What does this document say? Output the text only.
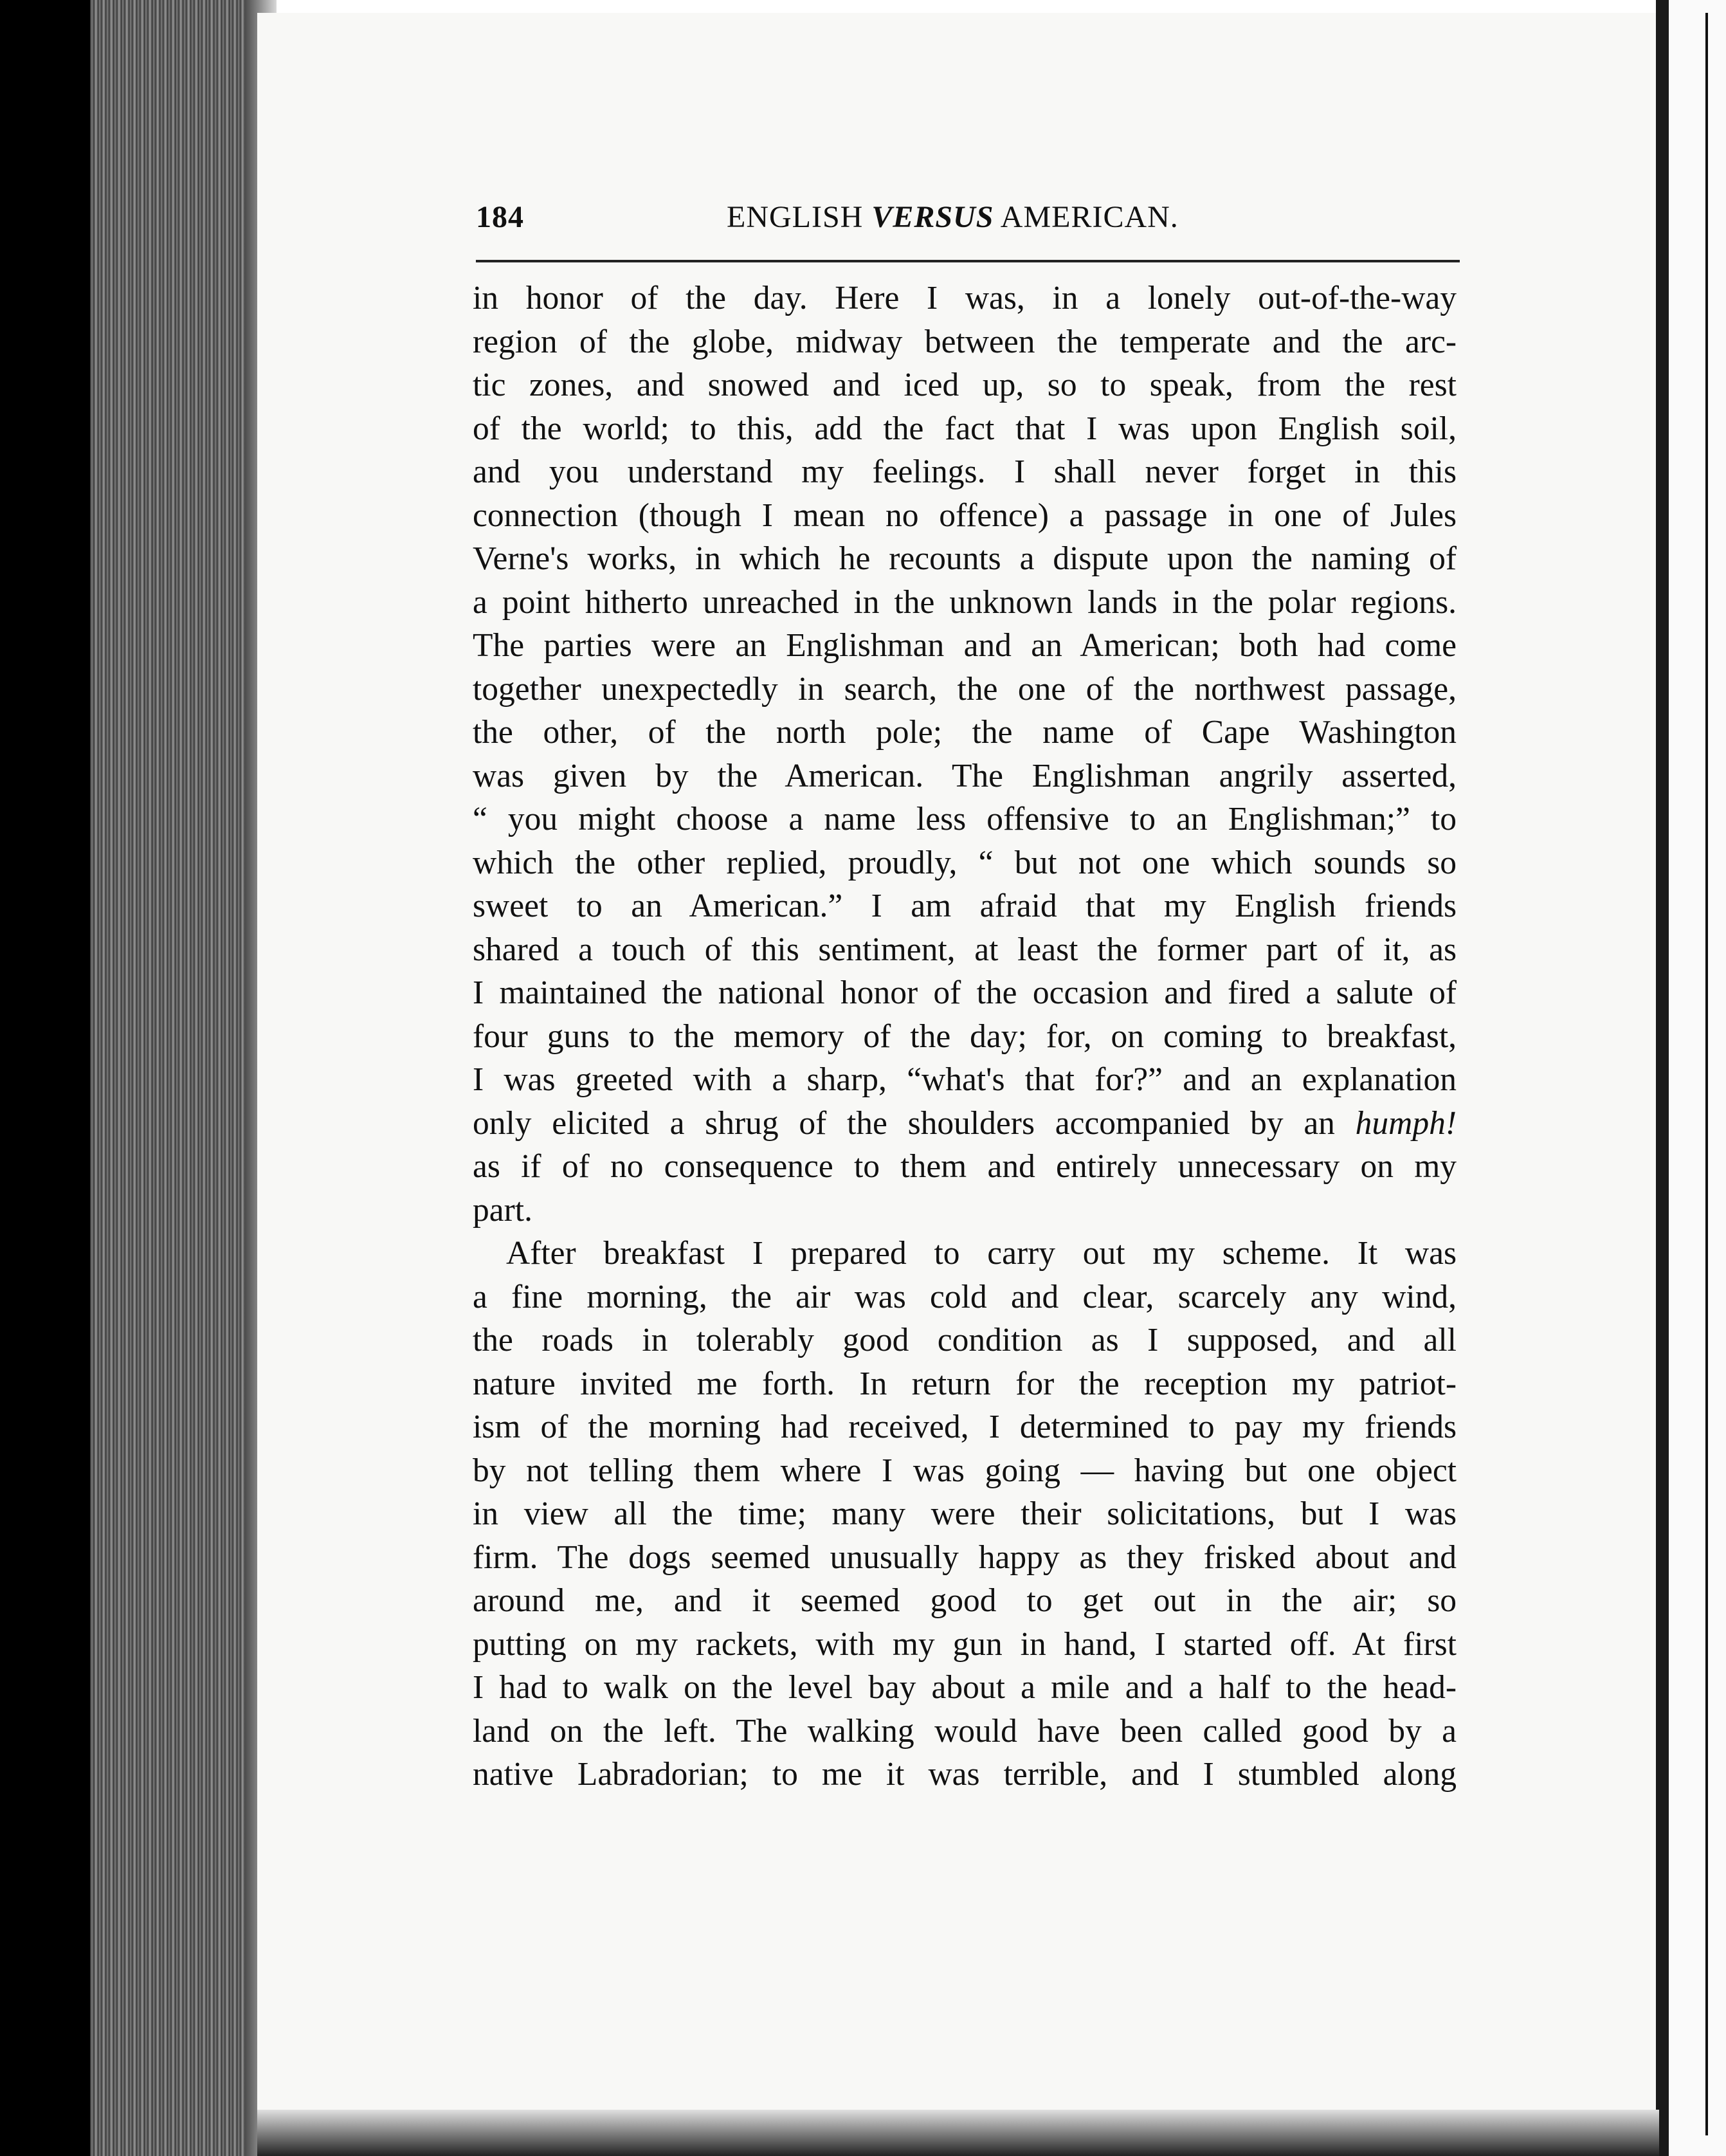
184	ENGLISH VERSUS AMERICAN.
in honor of the day. Here I was, in a lonely out-of-the-way
region of the globe, midway between the temperate and the arc-
tic zones, and snowed and iced up, so to speak, from the rest
of the world; to this, add the fact that I was upon English soil,
and you understand my feelings. I shall never forget in this
connection (though I mean no offence) a passage in one of Jules
Verne's works, in which he recounts a dispute upon the naming of
a point hitherto unreached in the unknown lands in the polar regions.
The parties were an Englishman and an American; both had come
together unexpectedly in search, the one of the northwest passage,
the other, of the north pole; the name of Cape Washington
was given by the American. The Englishman angrily asserted,
“ you might choose a name less offensive to an Englishman;” to
which the other replied, proudly, “ but not one which sounds so
sweet to an American.” I am afraid that my English friends
shared a touch of this sentiment, at least the former part of it, as
I maintained the national honor of the occasion and fired a salute of
four guns to the memory of the day; for, on coming to breakfast,
I was greeted with a sharp, “what's that for?” and an explanation
only elicited a shrug of the shoulders accompanied by an humph!
as if of no consequence to them and entirely unnecessary on my
part.
After breakfast I prepared to carry out my scheme. It was
a fine morning, the air was cold and clear, scarcely any wind,
the roads in tolerably good condition as I supposed, and all
nature invited me forth. In return for the reception my patriot-
ism of the morning had received, I determined to pay my friends
by not telling them where I was going — having but one object
in view all the time; many were their solicitations, but I was
firm. The dogs seemed unusually happy as they frisked about and
around me, and it seemed good to get out in the air; so
putting on my rackets, with my gun in hand, I started off. At first
I had to walk on the level bay about a mile and a half to the head-
land on the left. The walking would have been called good by a
native Labradorian; to me it was terrible, and I stumbled along
